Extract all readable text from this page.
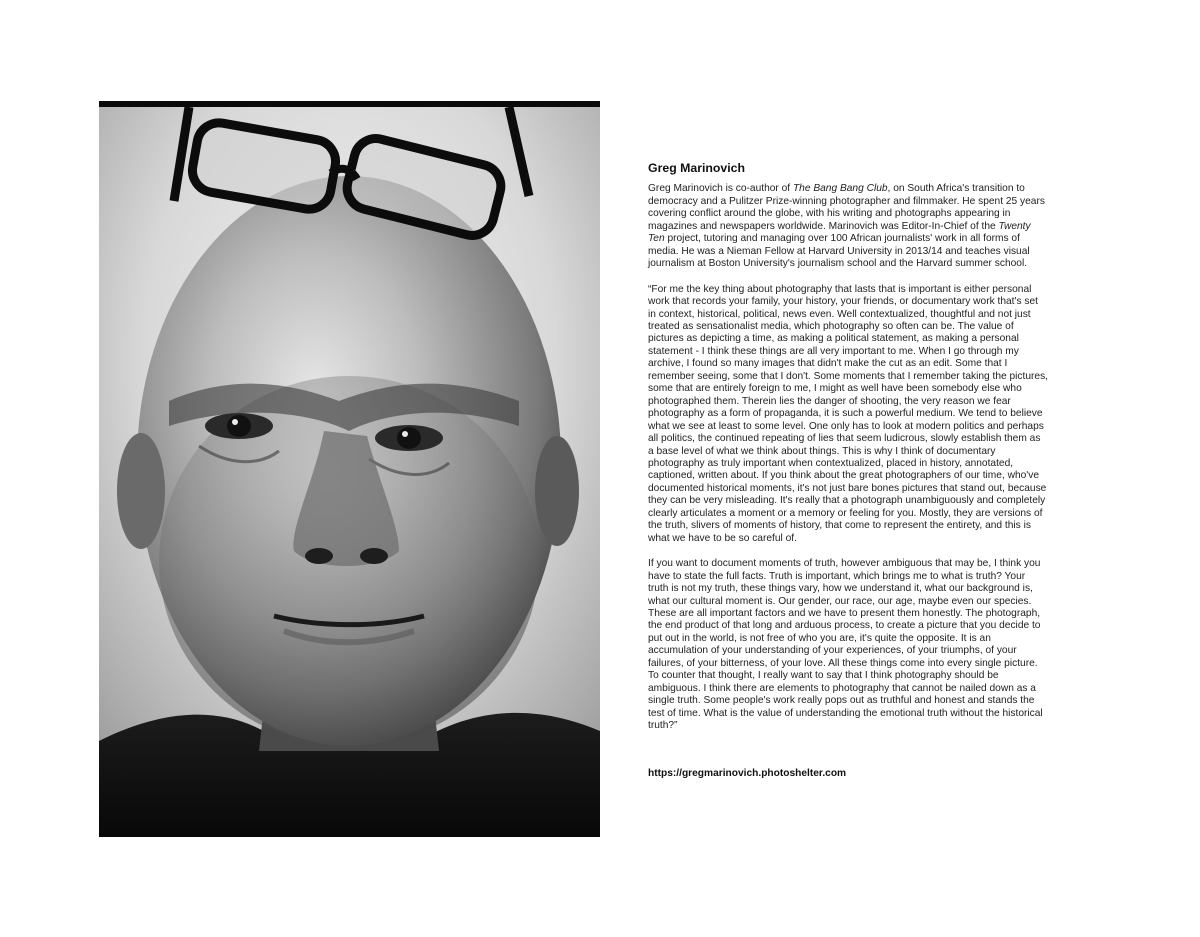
Greg Marinovich

Greg Marinovich is co-author of The Bang Bang Club, on South Africa's transition to democracy and a Pulitzer Prize-winning photographer and filmmaker. He spent 25 years covering conflict around the globe, with his writing and photographs appearing in magazines and newspapers worldwide. Marinovich was Editor-In-Chief of the Twenty Ten project, tutoring and managing over 100 African journalists' work in all forms of media. He was a Nieman Fellow at Harvard University in 2013/14 and teaches visual journalism at Boston University's journalism school and the Harvard summer school.

“For me the key thing about photography that lasts that is important is either personal work that records your family, your history, your friends, or documentary work that's set in context, historical, political, news even. Well contextualized, thoughtful and not just treated as sensationalist media, which photography so often can be. The value of pictures as depicting a time, as making a political statement, as making a personal statement - I think these things are all very important to me. When I go through my archive, I found so many images that didn't make the cut as an edit. Some that I remember seeing, some that I don't. Some moments that I remember taking the pictures, some that are entirely foreign to me, I might as well have been somebody else who photographed them. Therein lies the danger of shooting, the very reason we fear photography as a form of propaganda, it is such a powerful medium. We tend to believe what we see at least to some level. One only has to look at modern politics and perhaps all politics, the continued repeating of lies that seem ludicrous, slowly establish them as a base level of what we think about things. This is why I think of documentary photography as truly important when contextualized, placed in history, annotated, captioned, written about. If you think about the great photographers of our time, who've documented historical moments, it's not just bare bones pictures that stand out, because they can be very misleading. It's really that a photograph unambiguously and completely clearly articulates a moment or a memory or feeling for you. Mostly, they are versions of the truth, slivers of moments of history, that come to represent the entirety, and this is what we have to be so careful of.

If you want to document moments of truth, however ambiguous that may be, I think you have to state the full facts. Truth is important, which brings me to what is truth? Your truth is not my truth, these things vary, how we understand it, what our background is, what our cultural moment is. Our gender, our race, our age, maybe even our species. These are all important factors and we have to present them honestly. The photograph, the end product of that long and arduous process, to create a picture that you decide to put out in the world, is not free of who you are, it's quite the opposite. It is an accumulation of your understanding of your experiences, of your triumphs, of your failures, of your bitterness, of your love. All these things come into every single picture. To counter that thought, I really want to say that I think photography should be ambiguous. I think there are elements to photography that cannot be nailed down as a single truth. Some people's work really pops out as truthful and honest and stands the test of time. What is the value of understanding the emotional truth without the historical truth?”

https://gregmarinovich.photoshelter.com
